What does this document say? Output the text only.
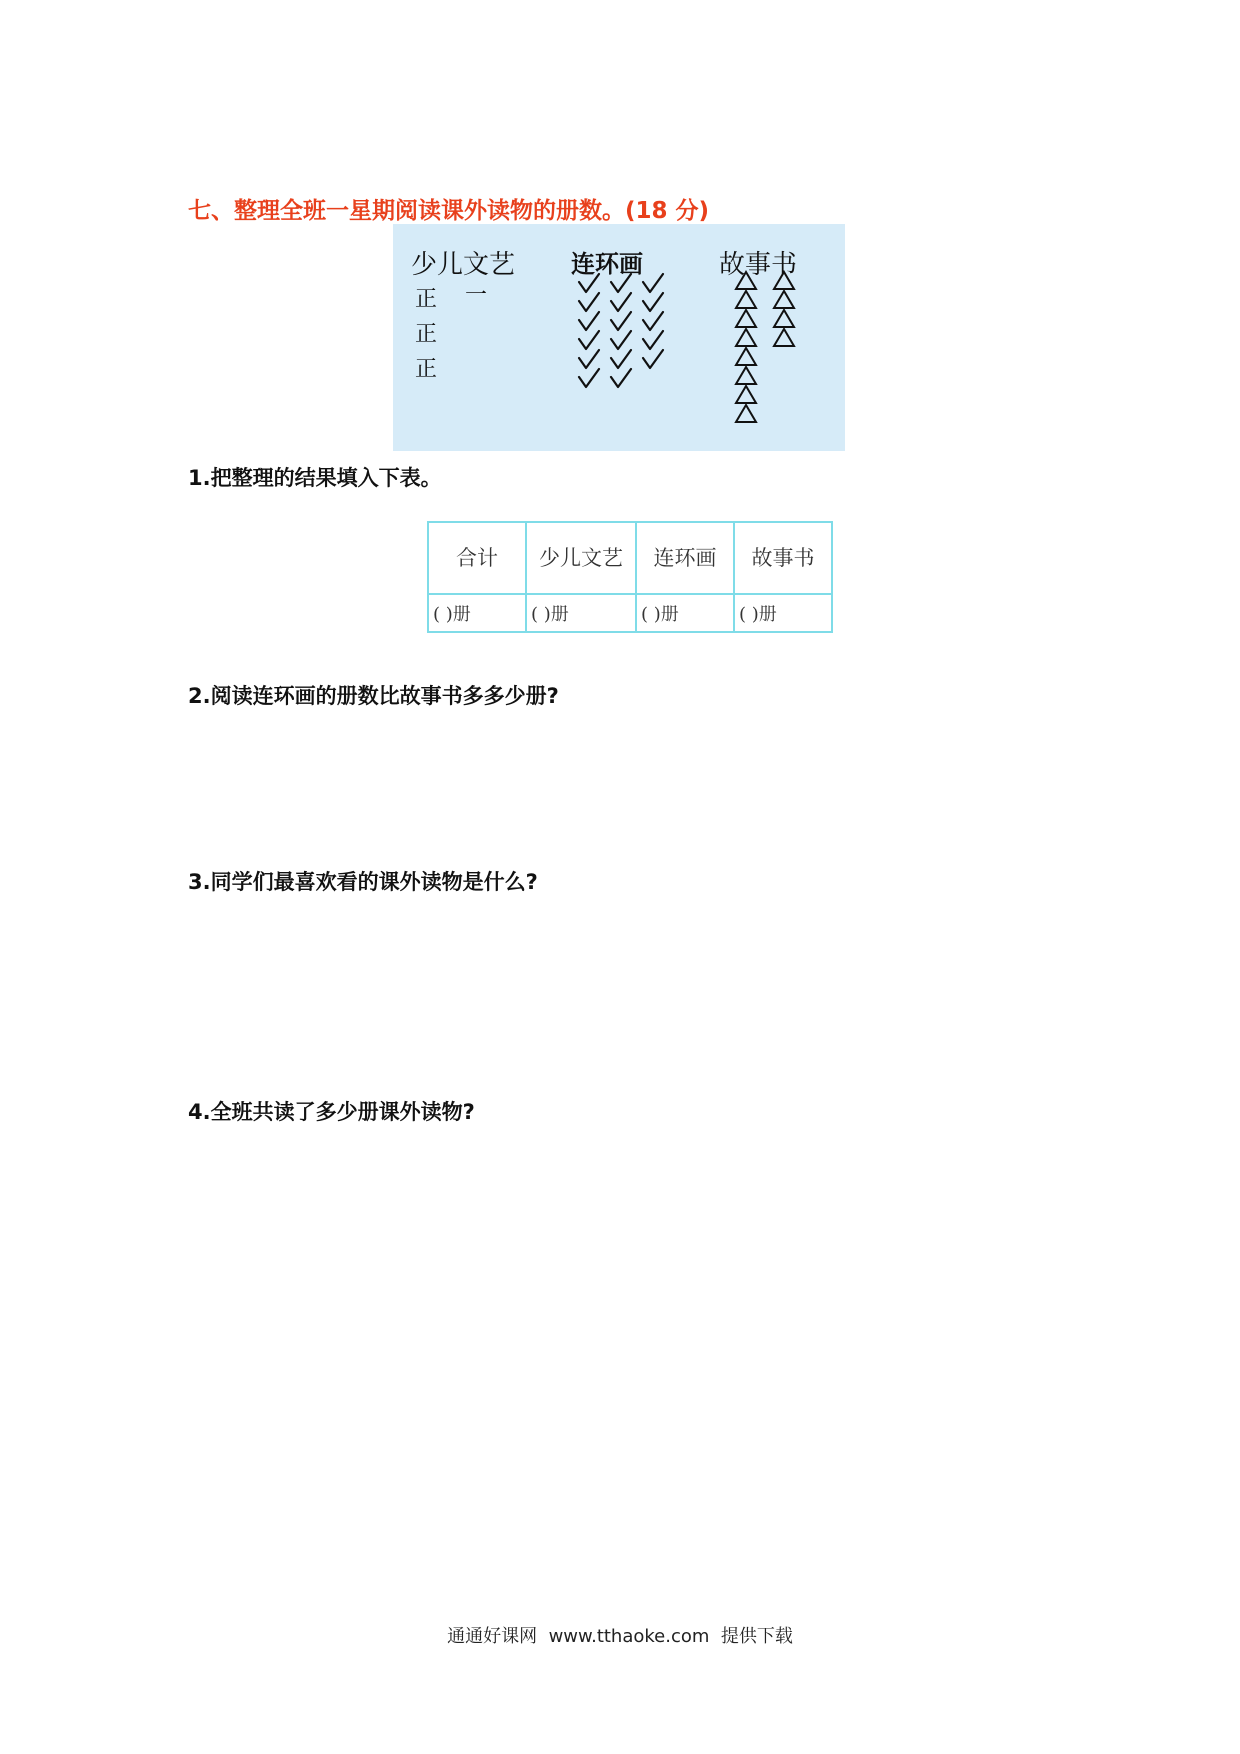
七、整理全班一星期阅读课外读物的册数。(18 分)
少儿文艺 连环画	故事书
正 一
正
正
1.把整理的结果填入下表。
合计	少儿文艺	连环画	故事书
( )册	( )册	( )册	( )册
2.阅读连环画的册数比故事书多多少册?
3.同学们最喜欢看的课外读物是什么?
4.全班共读了多少册课外读物?
通通好课网  www.tthaoke.com  提供下载
